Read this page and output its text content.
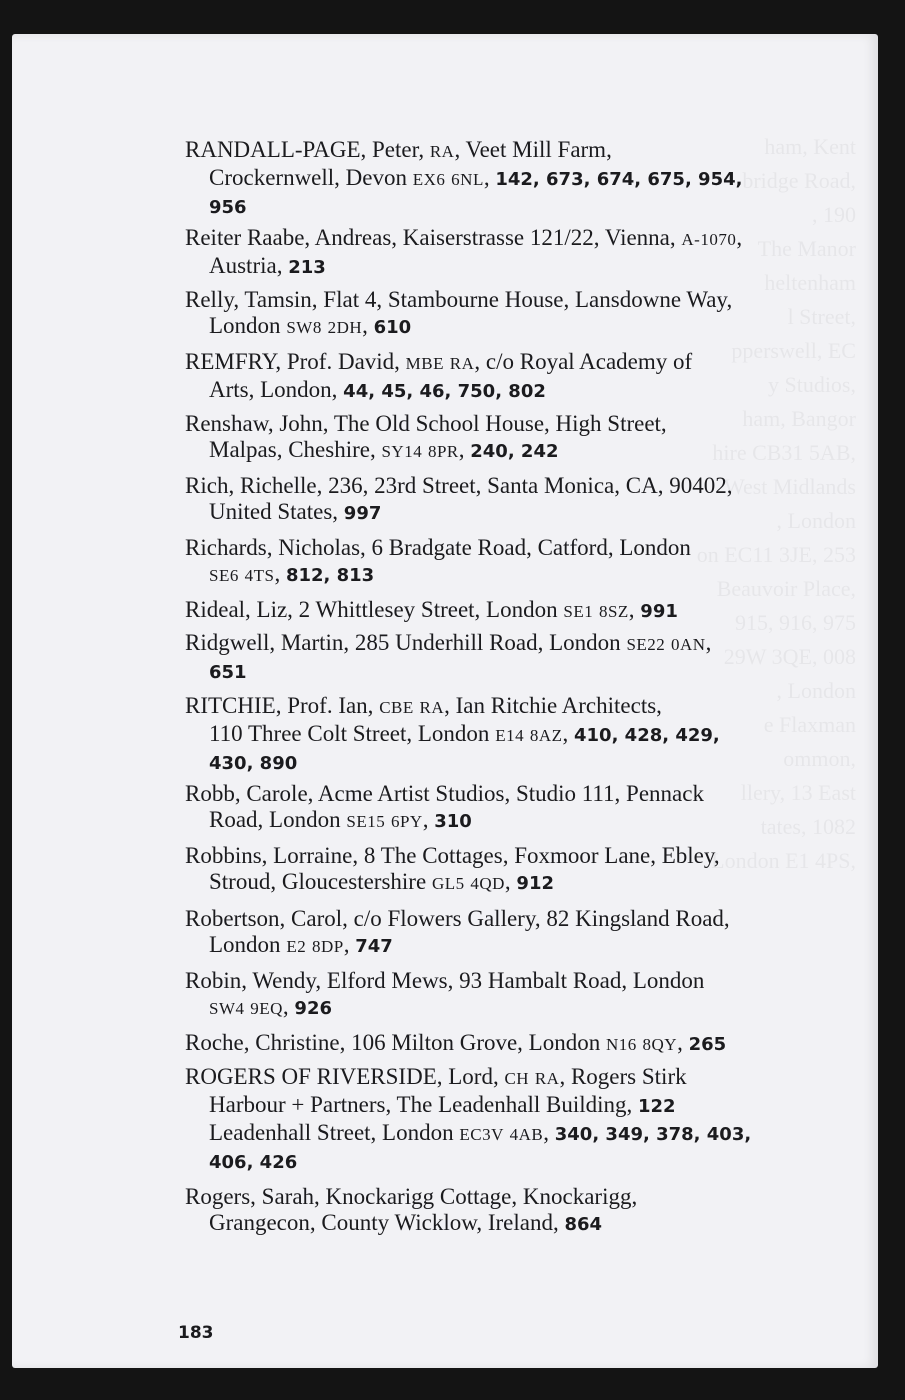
ham, Kent
bridge Road,
, 190
The Manor
heltenham
l Street,
pperswell, EC
y Studios,
ham, Bangor
hire CB31 5AB,
West Midlands
, London
on EC11 3JE, 253
Beauvoir Place,
915, 916, 975
29W 3QE, 008
, London
e Flaxman
ommon,
llery, 13 East
tates, 1082
London E1 4PS,
RANDALL-PAGE, Peter, RA, Veet Mill Farm,
Crockernwell, Devon EX6 6NL, 142, 673, 674, 675, 954,
956
Reiter Raabe, Andreas, Kaiserstrasse 121/22, Vienna, A-1070,
Austria, 213
Relly, Tamsin, Flat 4, Stambourne House, Lansdowne Way,
London SW8 2DH, 610
REMFRY, Prof. David, MBE RA, c/o Royal Academy of
Arts, London, 44, 45, 46, 750, 802
Renshaw, John, The Old School House, High Street,
Malpas, Cheshire, SY14 8PR, 240, 242
Rich, Richelle, 236, 23rd Street, Santa Monica, CA, 90402,
United States, 997
Richards, Nicholas, 6 Bradgate Road, Catford, London
SE6 4TS, 812, 813
Rideal, Liz, 2 Whittlesey Street, London SE1 8SZ, 991
Ridgwell, Martin, 285 Underhill Road, London SE22 0AN,
651
RITCHIE, Prof. Ian, CBE RA, Ian Ritchie Architects,
110 Three Colt Street, London E14 8AZ, 410, 428, 429,
430, 890
Robb, Carole, Acme Artist Studios, Studio 111, Pennack
Road, London SE15 6PY, 310
Robbins, Lorraine, 8 The Cottages, Foxmoor Lane, Ebley,
Stroud, Gloucestershire GL5 4QD, 912
Robertson, Carol, c/o Flowers Gallery, 82 Kingsland Road,
London E2 8DP, 747
Robin, Wendy, Elford Mews, 93 Hambalt Road, London
SW4 9EQ, 926
Roche, Christine, 106 Milton Grove, London N16 8QY, 265
ROGERS OF RIVERSIDE, Lord, CH RA, Rogers Stirk
Harbour + Partners, The Leadenhall Building, 122
Leadenhall Street, London EC3V 4AB, 340, 349, 378, 403,
406, 426
Rogers, Sarah, Knockarigg Cottage, Knockarigg,
Grangecon, County Wicklow, Ireland, 864
183
